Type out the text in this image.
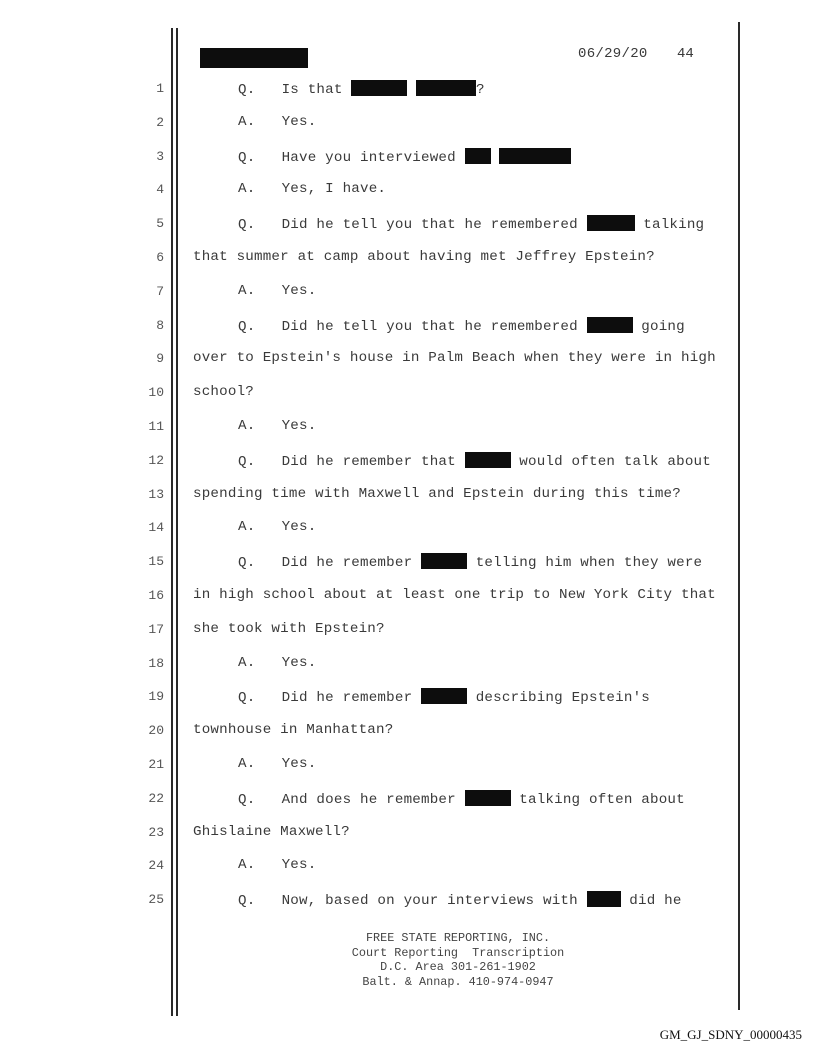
06/29/20 44
1	Q.   Is that	?
2	A.   Yes.
3	Q.   Have you interviewed
4	A.   Yes, I have.
5	Q.   Did he tell you that he remembered	talking
6 that summer at camp about having met Jeffrey Epstein?
7	A.   Yes.
8	Q.   Did he tell you that he remembered	going
9 over to Epstein's house in Palm Beach when they were in high
10 school?
11	A.   Yes.
12	Q.   Did he remember that	would often talk about
13 spending time with Maxwell and Epstein during this time?
14	A.   Yes.
15	Q.   Did he remember	telling him when they were
16 in high school about at least one trip to New York City that
17 she took with Epstein?
18	A.   Yes.
19	Q.   Did he remember	describing Epstein's
20 townhouse in Manhattan?
21	A.   Yes.
22	Q.   And does he remember	talking often about
23 Ghislaine Maxwell?
24	A.   Yes.
25	Q.   Now, based on your interviews with  did he
FREE STATE REPORTING, INC.
Court Reporting  Transcription
D.C. Area 301-261-1902
Balt. & Annap. 410-974-0947
GM_GJ_SDNY_00000435
